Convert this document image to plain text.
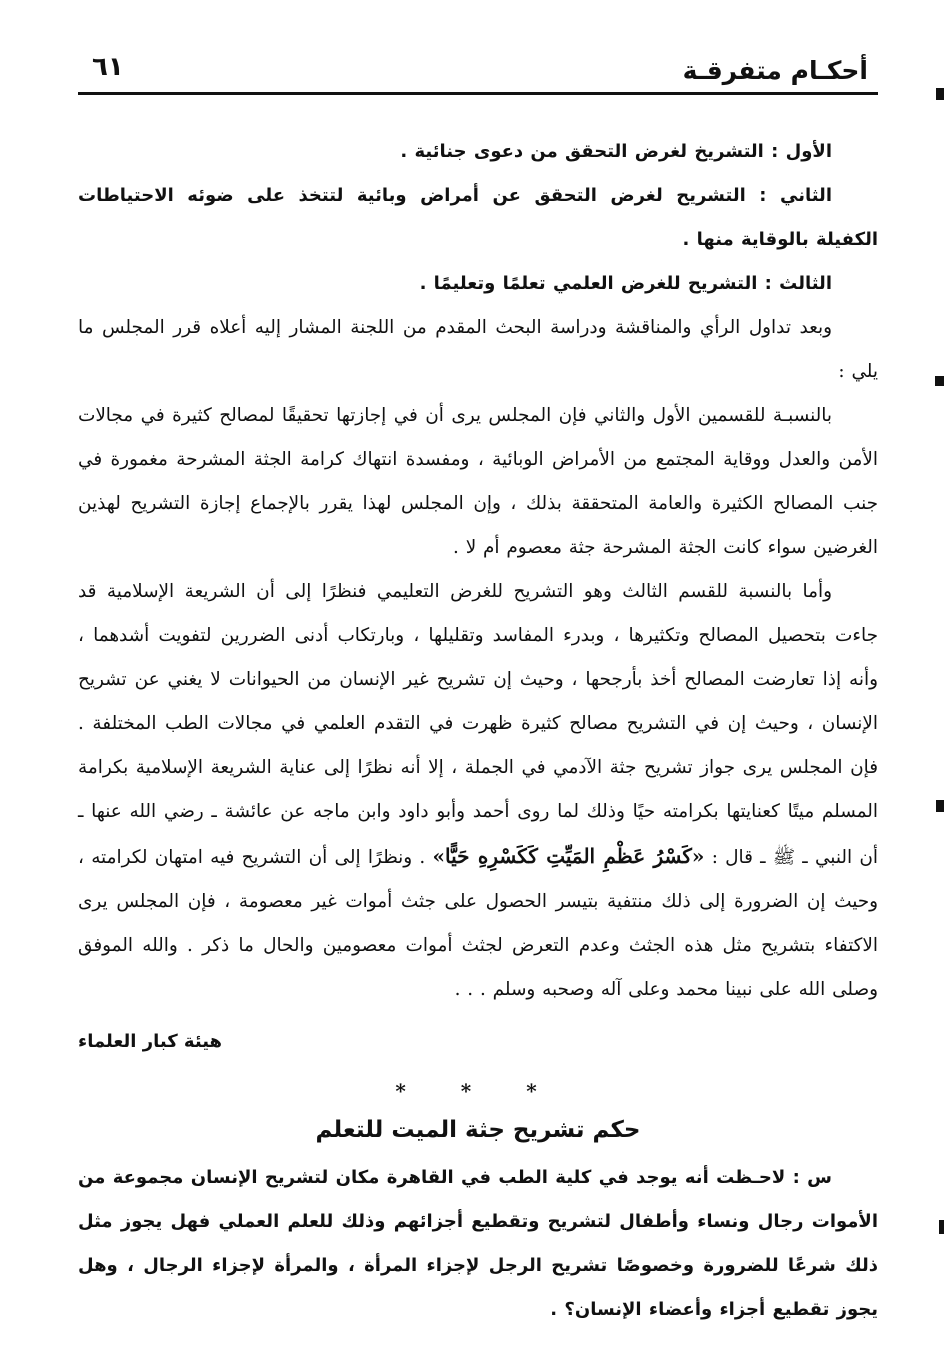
أحكـام متفرقـة
٦١

الأول : التشريخ لغرض التحقق من دعوى جنائية .

الثاني : التشريح لغرض التحقق عن أمراض وبائية لتتخذ على ضوئه الاحتياطات الكفيلة بالوقاية منها .

الثالث : التشريح للغرض العلمي تعلمًا وتعليمًا .

وبعد تداول الرأي والمناقشة ودراسة البحث المقدم من اللجنة المشار إليه أعلاه قرر المجلس ما يلي :

بالنسبـة للقسمين الأول والثاني فإن المجلس يرى أن في إجازتها تحقيقًا لمصالح كثيرة في مجالات الأمن والعدل ووقاية المجتمع من الأمراض الوبائية ، ومفسدة انتهاك كرامة الجثة المشرحة مغمورة في جنب المصالح الكثيرة والعامة المتحققة بذلك ، وإن المجلس لهذا يقرر بالإجماع إجازة التشريح لهذين الغرضين سواء كانت الجثة المشرحة جثة معصوم أم لا .

وأما بالنسبة للقسم الثالث وهو التشريح للغرض التعليمي فنظرًا إلى أن الشريعة الإسلامية قد جاءت بتحصيل المصالح وتكثيرها ، وبدرء المفاسد وتقليلها ، وبارتكاب أدنى الضررين لتفويت أشدهما ، وأنه إذا تعارضت المصالح أخذ بأرجحها ، وحيث إن تشريح غير الإنسان من الحيوانات لا يغني عن تشريح الإنسان ، وحيث إن في التشريح مصالح كثيرة ظهرت في التقدم العلمي في مجالات الطب المختلفة . فإن المجلس يرى جواز تشريح جثة الآدمي في الجملة ، إلا أنه نظرًا إلى عناية الشريعة الإسلامية بكرامة المسلم ميتًا كعنايتها بكرامته حيًا وذلك لما روى أحمد وأبو داود وابن ماجه عن عائشة ـ رضي الله عنها ـ أن النبي ـ ﷺ ـ قال : «كَسْرُ عَظْمِ المَيِّتِ كَكَسْرِهِ حَيًّا» . ونظرًا إلى أن التشريح فيه امتهان لكرامته ، وحيث إن الضرورة إلى ذلك منتفية بتيسر الحصول على جثث أموات غير معصومة ، فإن المجلس يرى الاكتفاء بتشريح مثل هذه الجثث وعدم التعرض لجثث أموات معصومين والحال ما ذكر . والله الموفق وصلى الله على نبينا محمد وعلى آله وصحبه وسلم . . .

هيئة كبار العلماء

* * *
حكم تشريح جثة الميت للتعلم

س : لاحـظت أنه يوجد في كلية الطب في القاهرة مكان لتشريح الإنسان مجموعة من الأموات رجال ونساء وأطفال لتشريح وتقطيع أجزائهم وذلك للعلم العملي فهل يجوز مثل ذلك شرعًا للضرورة وخصوصًا تشريح الرجل لإجزاء المرأة ، والمرأة لإجزاء الرجال ، وهل يجوز تقطيع أجزاء وأعضاء الإنسان؟ .
